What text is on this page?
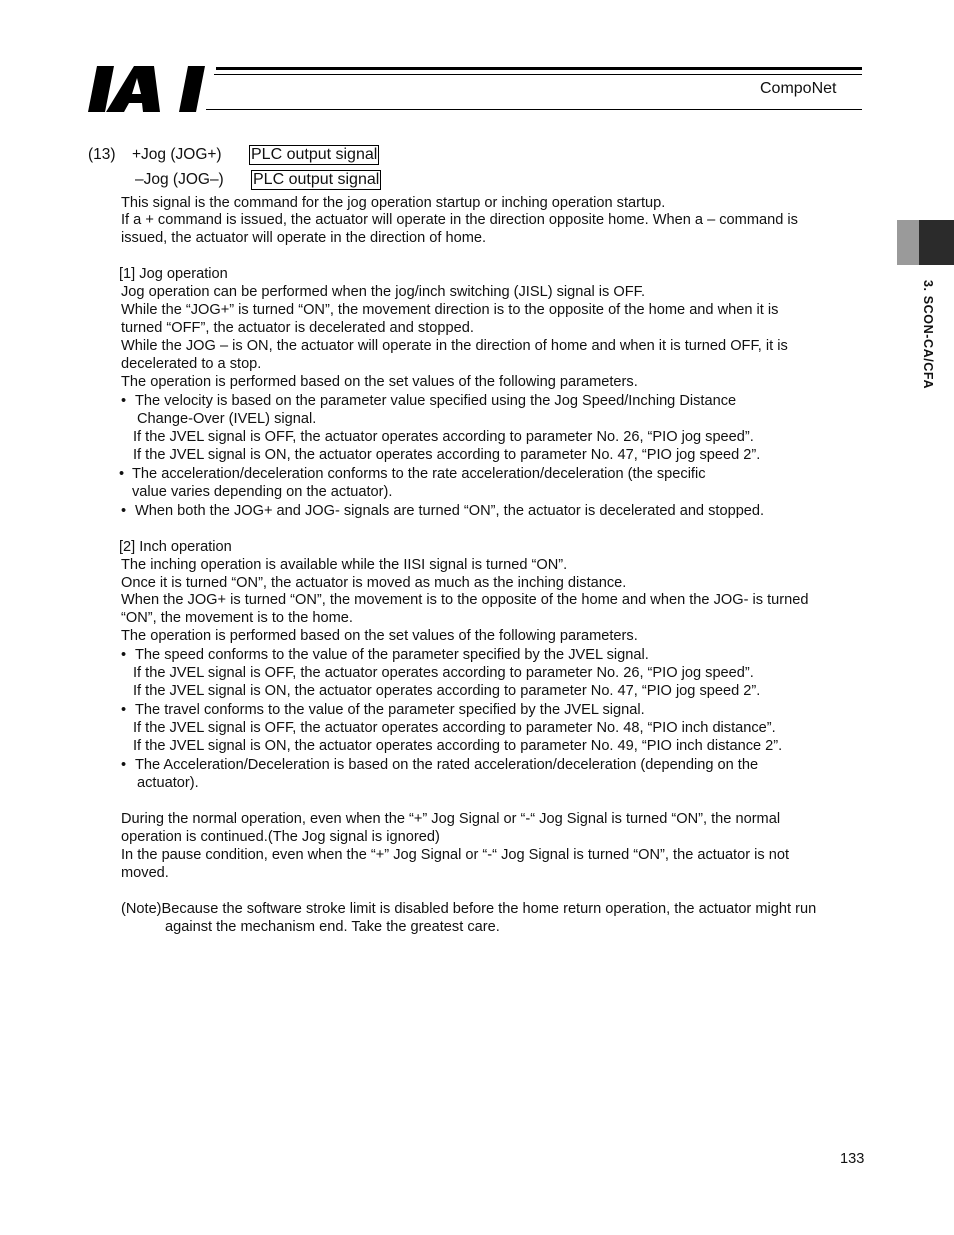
CompoNet
3. SCON-CA/CFA
(13) +Jog (JOG+) PLC output signal
–Jog (JOG–) PLC output signal
This signal is the command for the jog operation startup or inching operation startup.
If a + command is issued, the actuator will operate in the direction opposite home. When a – command is
issued, the actuator will operate in the direction of home.
[1] Jog operation
Jog operation can be performed when the jog/inch switching (JISL) signal is OFF.
While the “JOG+” is turned “ON”, the movement direction is to the opposite of the home and when it is
turned “OFF”, the actuator is decelerated and stopped.
While the JOG – is ON, the actuator will operate in the direction of home and when it is turned OFF, it is
decelerated to a stop.
The operation is performed based on the set values of the following parameters.
• The velocity is based on the parameter value specified using the Jog Speed/Inching Distance
Change-Over (IVEL) signal.
If the JVEL signal is OFF, the actuator operates according to parameter No. 26, “PIO jog speed”.
If the JVEL signal is ON, the actuator operates according to parameter No. 47, “PIO jog speed 2”.
• The acceleration/deceleration conforms to the rate acceleration/deceleration (the specific
value varies depending on the actuator).
• When both the JOG+ and JOG- signals are turned “ON”, the actuator is decelerated and stopped.
[2] Inch operation
The inching operation is available while the IISI signal is turned “ON”.
Once it is turned “ON”, the actuator is moved as much as the inching distance.
When the JOG+ is turned “ON”, the movement is to the opposite of the home and when the JOG- is turned
“ON”, the movement is to the home.
The operation is performed based on the set values of the following parameters.
• The speed conforms to the value of the parameter specified by the JVEL signal.
If the JVEL signal is OFF, the actuator operates according to parameter No. 26, “PIO jog speed”.
If the JVEL signal is ON, the actuator operates according to parameter No. 47, “PIO jog speed 2”.
• The travel conforms to the value of the parameter specified by the JVEL signal.
If the JVEL signal is OFF, the actuator operates according to parameter No. 48, “PIO inch distance”.
If the JVEL signal is ON, the actuator operates according to parameter No. 49, “PIO inch distance 2”.
• The Acceleration/Deceleration is based on the rated acceleration/deceleration (depending on the
actuator).
During the normal operation, even when the “+” Jog Signal or “-“ Jog Signal is turned “ON”, the normal
operation is continued.(The Jog signal is ignored)
In the pause condition, even when the “+” Jog Signal or “-“ Jog Signal is turned “ON”, the actuator is not
moved.
(Note)Because the software stroke limit is disabled before the home return operation, the actuator might run
against the mechanism end. Take the greatest care.
133
